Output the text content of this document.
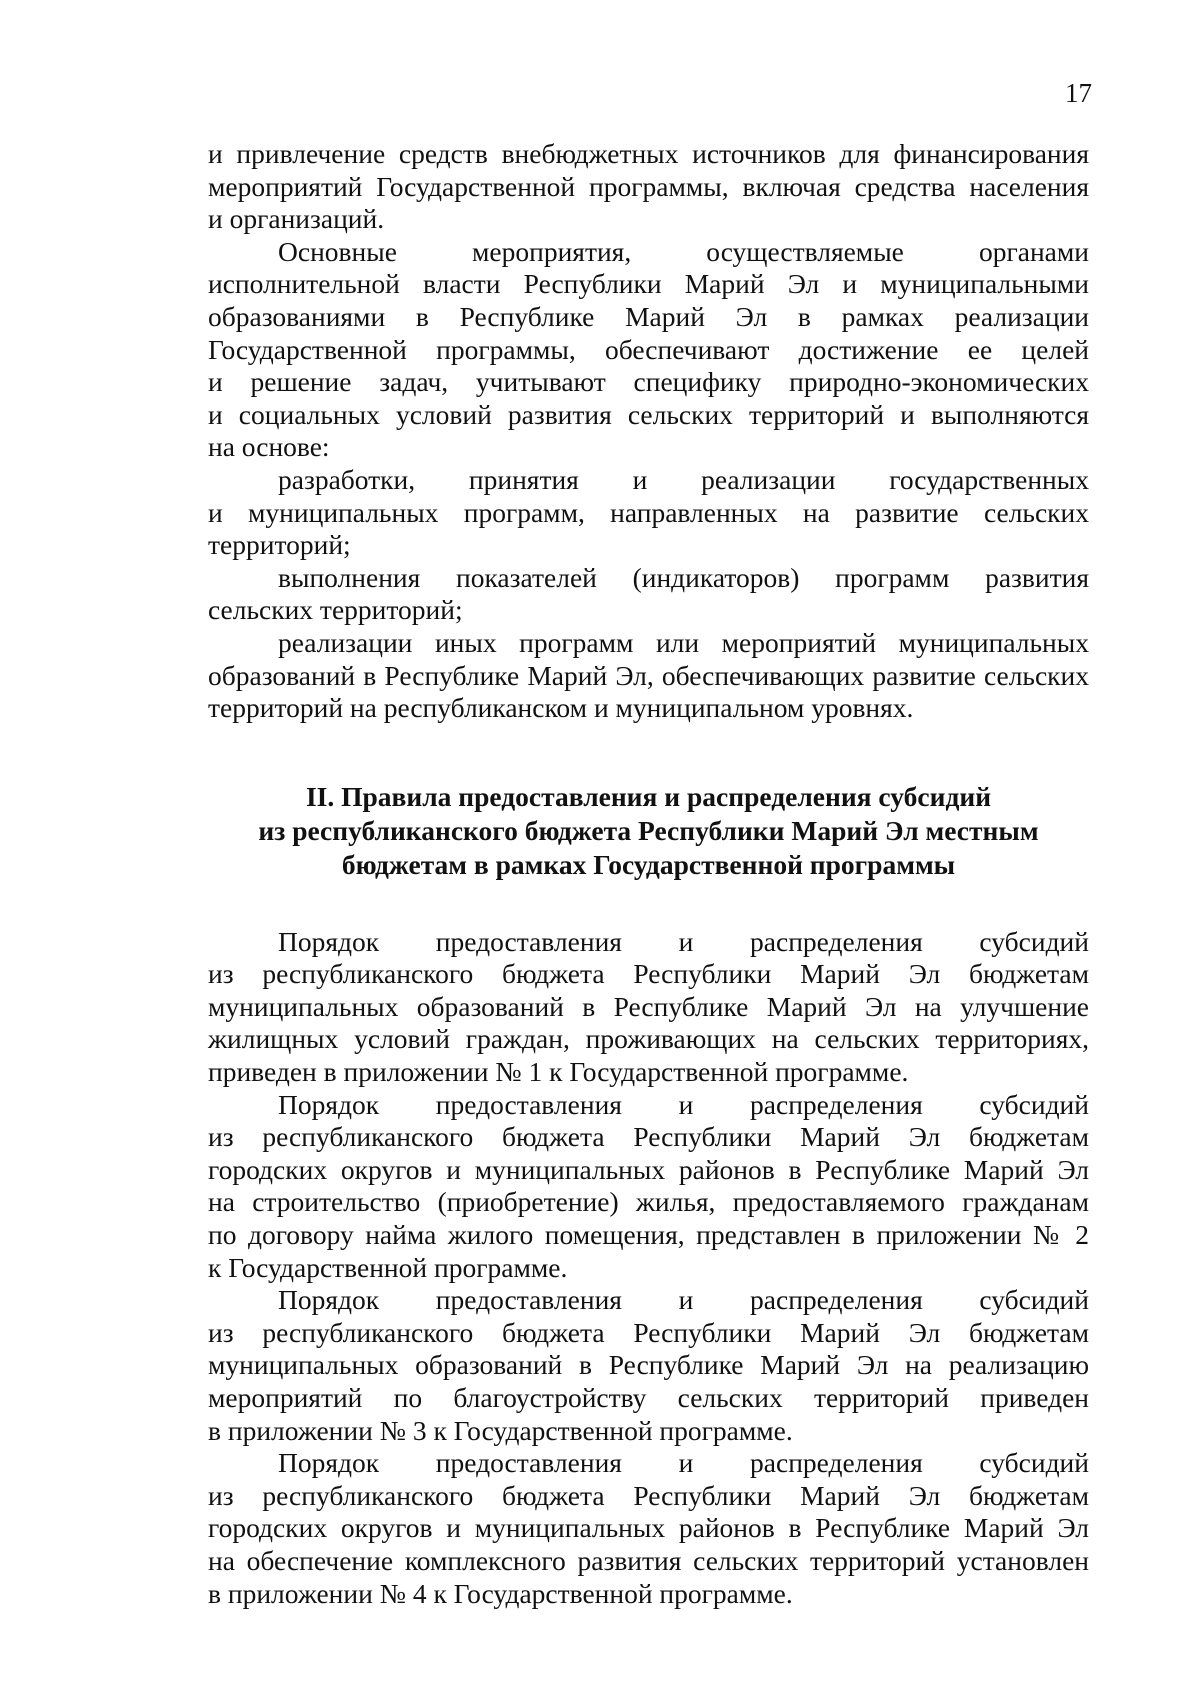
17
и привлечение средств внебюджетных источников для финансирования
мероприятий Государственной программы, включая средства населения
и организаций.
Основные мероприятия, осуществляемые органами
исполнительной власти Республики Марий Эл и муниципальными
образованиями в Республике Марий Эл в рамках реализации
Государственной программы, обеспечивают достижение ее целей
и решение задач, учитывают специфику природно-экономических
и социальных условий развития сельских территорий и выполняются
на основе:
разработки, принятия и реализации государственных
и муниципальных программ, направленных на развитие сельских
территорий;
выполнения показателей (индикаторов) программ развития
сельских территорий;
реализации иных программ или мероприятий муниципальных
образований в Республике Марий Эл, обеспечивающих развитие сельских
территорий на республиканском и муниципальном уровнях.
II. Правила предоставления и распределения субсидий
из республиканского бюджета Республики Марий Эл местным
бюджетам в рамках Государственной программы
Порядок предоставления и распределения субсидий
из республиканского бюджета Республики Марий Эл бюджетам
муниципальных образований в Республике Марий Эл на улучшение
жилищных условий граждан, проживающих на сельских территориях,
приведен в приложении № 1 к Государственной программе.
Порядок предоставления и распределения субсидий
из республиканского бюджета Республики Марий Эл бюджетам
городских округов и муниципальных районов в Республике Марий Эл
на строительство (приобретение) жилья, предоставляемого гражданам
по договору найма жилого помещения, представлен в приложении № 2
к Государственной программе.
Порядок предоставления и распределения субсидий
из республиканского бюджета Республики Марий Эл бюджетам
муниципальных образований в Республике Марий Эл на реализацию
мероприятий по благоустройству сельских территорий приведен
в приложении № 3 к Государственной программе.
Порядок предоставления и распределения субсидий
из республиканского бюджета Республики Марий Эл бюджетам
городских округов и муниципальных районов в Республике Марий Эл
на обеспечение комплексного развития сельских территорий установлен
в приложении № 4 к Государственной программе.
